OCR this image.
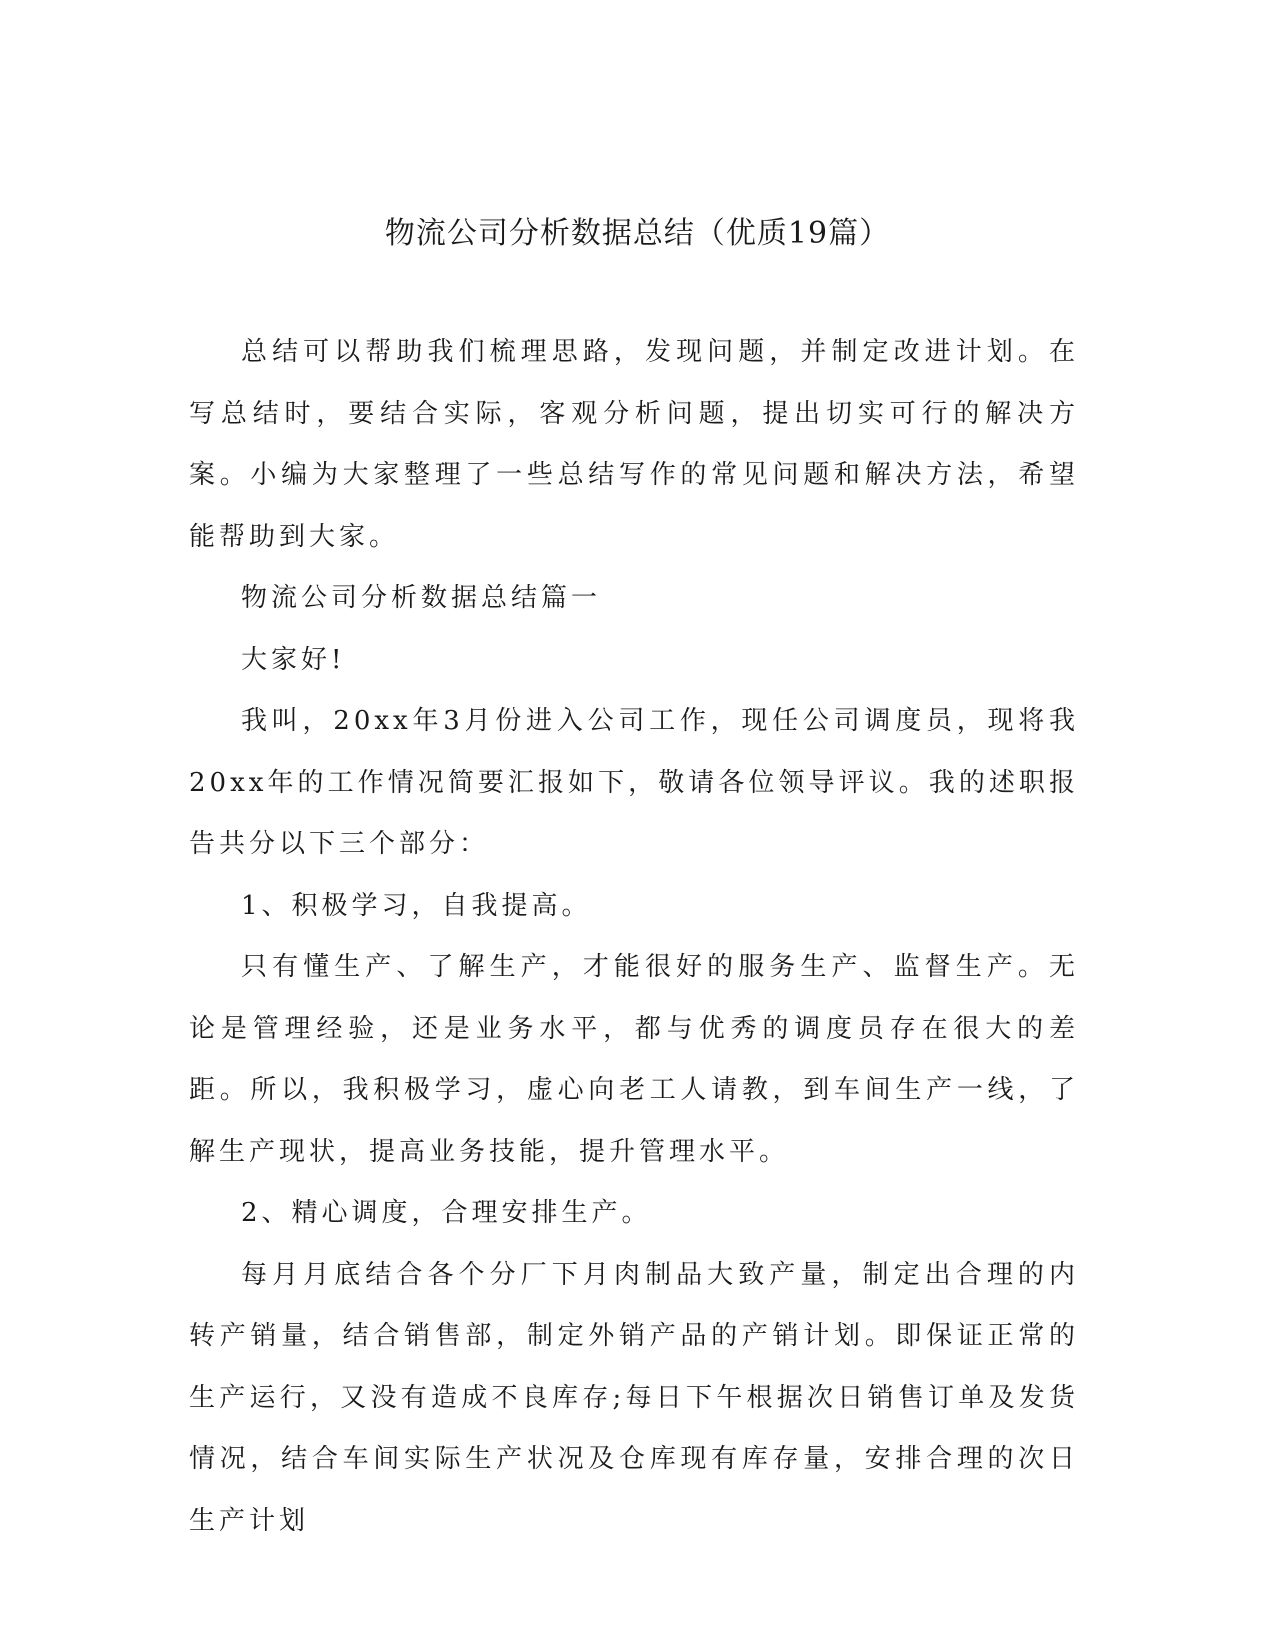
物流公司分析数据总结（优质19篇）

总结可以帮助我们梳理思路，发现问题，并制定改进计划。在写总结时，要结合实际，客观分析问题，提出切实可行的解决方案。小编为大家整理了一些总结写作的常见问题和解决方法，希望能帮助到大家。

物流公司分析数据总结篇一

大家好!

我叫，20xx年3月份进入公司工作，现任公司调度员，现将我20xx年的工作情况简要汇报如下，敬请各位领导评议。我的述职报告共分以下三个部分：

1、积极学习，自我提高。

只有懂生产、了解生产，才能很好的服务生产、监督生产。无论是管理经验，还是业务水平，都与优秀的调度员存在很大的差距。所以，我积极学习，虚心向老工人请教，到车间生产一线，了解生产现状，提高业务技能，提升管理水平。

2、精心调度，合理安排生产。

每月月底结合各个分厂下月肉制品大致产量，制定出合理的内转产销量，结合销售部，制定外销产品的产销计划。即保证正常的生产运行，又没有造成不良库存;每日下午根据次日销售订单及发货情况，结合车间实际生产状况及仓库现有库存量，安排合理的次日生产计划
